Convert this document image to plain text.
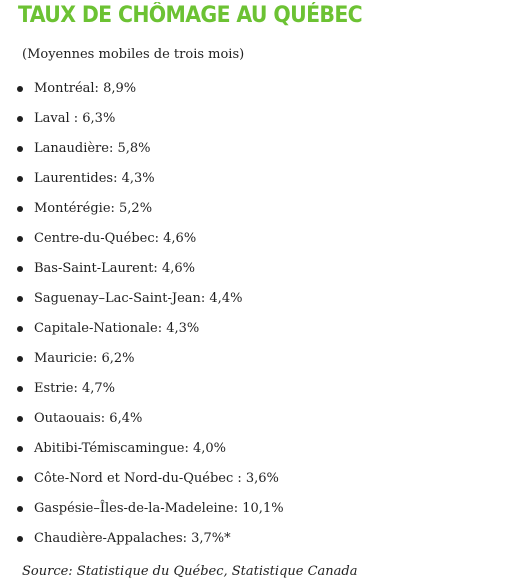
TAUX DE CHÔMAGE AU QUÉBEC
(Moyennes mobiles de trois mois)
Montréal: 8,9%
Laval : 6,3%
Lanaudière: 5,8%
Laurentides: 4,3%
Montérégie: 5,2%
Centre-du-Québec: 4,6%
Bas-Saint-Laurent: 4,6%
Saguenay–Lac-Saint-Jean: 4,4%
Capitale-Nationale: 4,3%
Mauricie: 6,2%
Estrie: 4,7%
Outaouais: 6,4%
Abitibi-Témiscamingue: 4,0%
Côte-Nord et Nord-du-Québec : 3,6%
Gaspésie–Îles-de-la-Madeleine: 10,1%
Chaudière-Appalaches: 3,7%*
Source: Statistique du Québec, Statistique Canada
